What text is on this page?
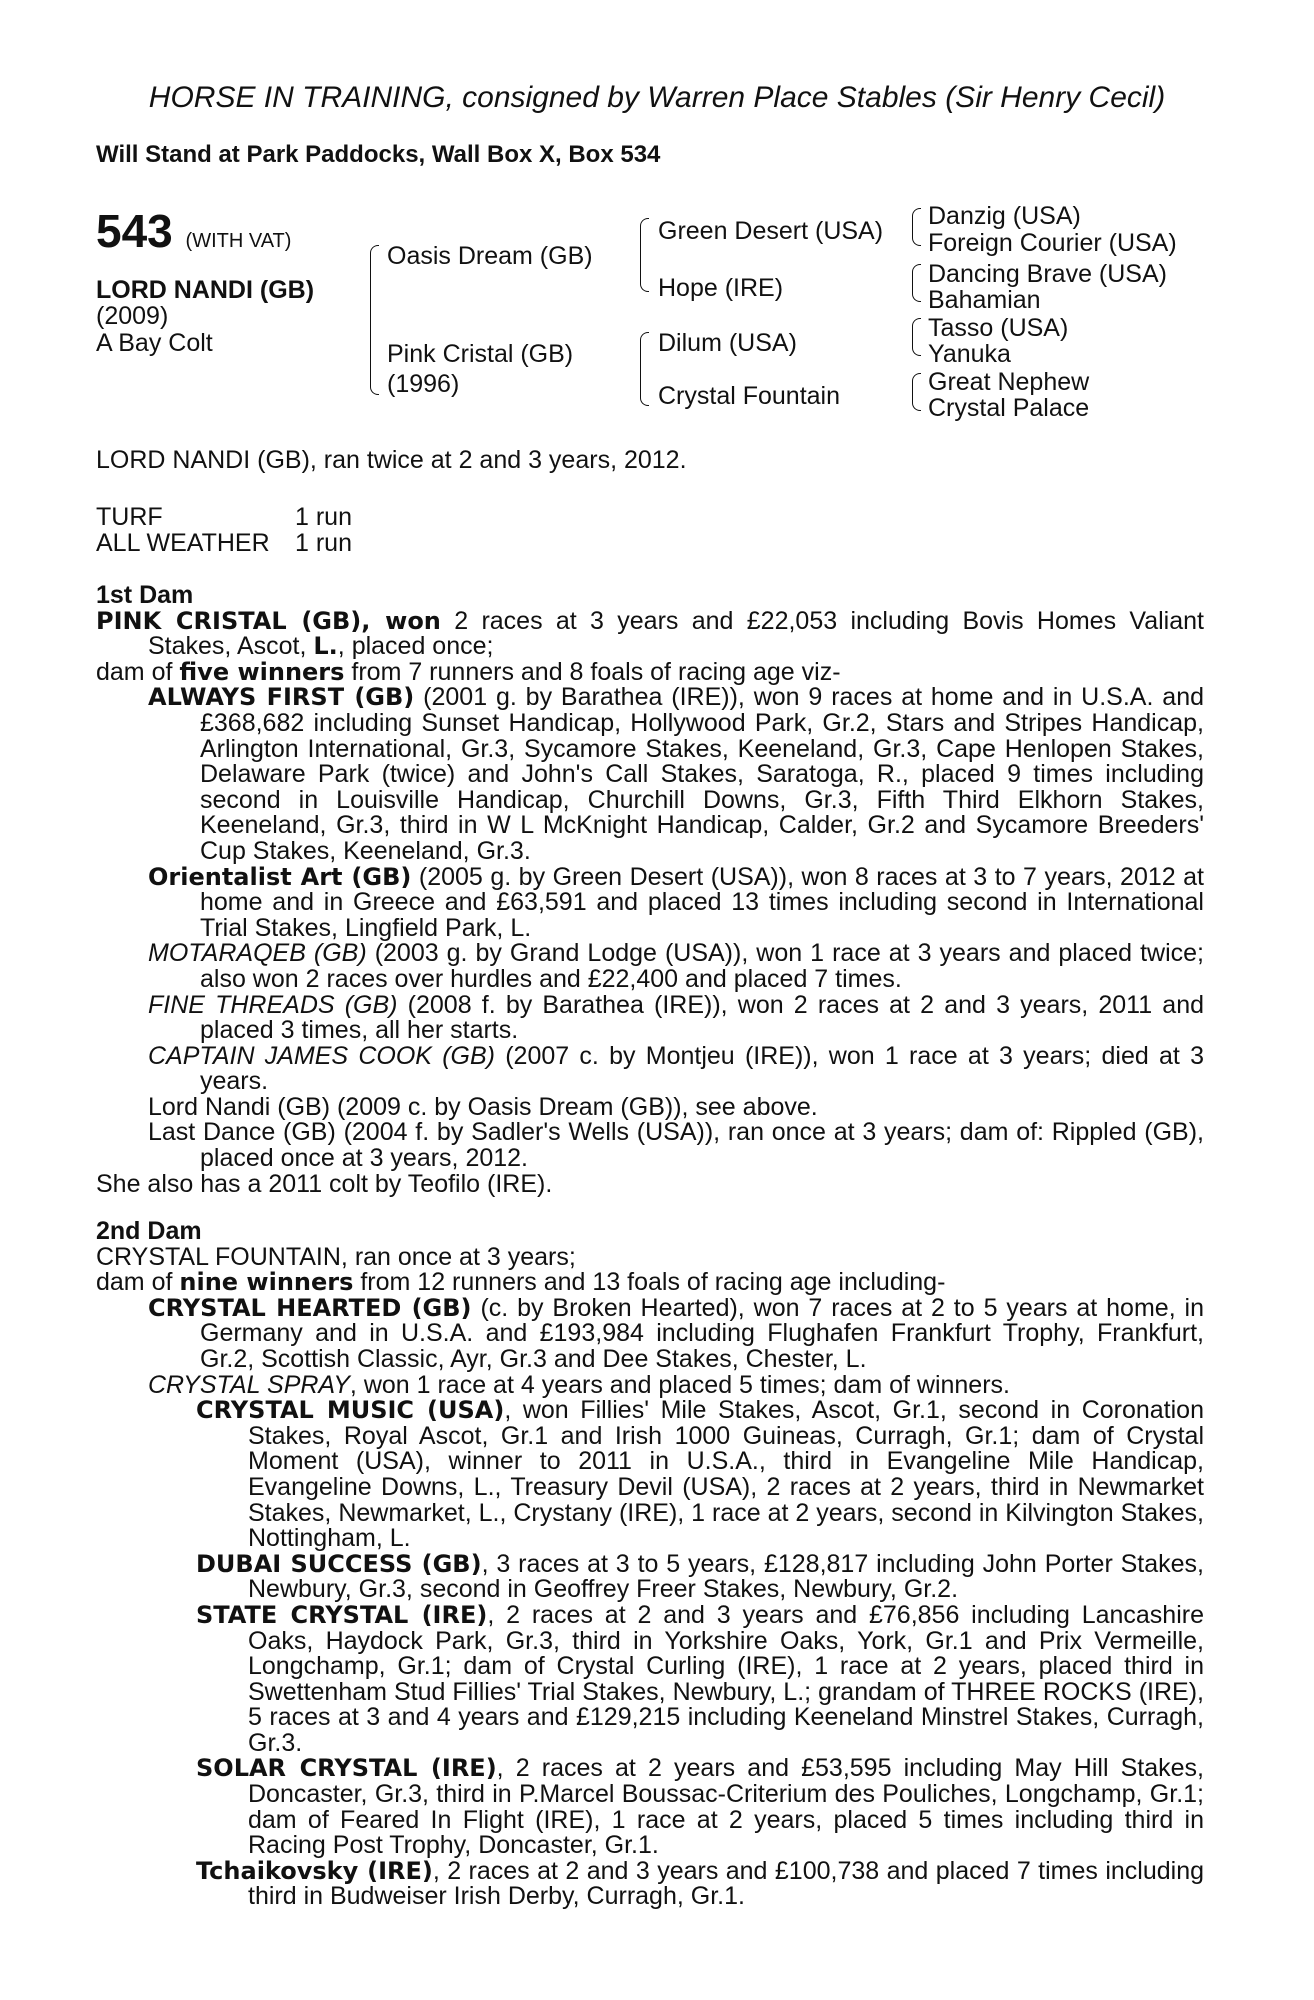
HORSE IN TRAINING, consigned by Warren Place Stables (Sir Henry Cecil)
Will Stand at Park Paddocks, Wall Box X, Box 534
543 (WITH VAT)
LORD NANDI (GB)
(2009)
A Bay Colt
Oasis Dream (GB)
Pink Cristal (GB)
(1996)
Green Desert (USA)
Hope (IRE)
Dilum (USA)
Crystal Fountain
Danzig (USA)
Foreign Courier (USA)
Dancing Brave (USA)
Bahamian
Tasso (USA)
Yanuka
Great Nephew
Crystal Palace
LORD NANDI (GB), ran twice at 2 and 3 years, 2012.
TURF	1 run
ALL WEATHER 1 run

1st Dam

PINK CRISTAL (GB), won 2 races at 3 years and £22,053 including Bovis Homes Valiant Stakes, Ascot, L., placed once;

dam of five winners from 7 runners and 8 foals of racing age viz-

ALWAYS FIRST (GB) (2001 g. by Barathea (IRE)), won 9 races at home and in U.S.A. and £368,682 including Sunset Handicap, Hollywood Park, Gr.2, Stars and Stripes Handicap, Arlington International, Gr.3, Sycamore Stakes, Keeneland, Gr.3, Cape Henlopen Stakes, Delaware Park (twice) and John's Call Stakes, Saratoga, R., placed 9 times including second in Louisville Handicap, Churchill Downs, Gr.3, Fifth Third Elkhorn Stakes, Keeneland, Gr.3, third in W L McKnight Handicap, Calder, Gr.2 and Sycamore Breeders' Cup Stakes, Keeneland, Gr.3.

Orientalist Art (GB) (2005 g. by Green Desert (USA)), won 8 races at 3 to 7 years, 2012 at home and in Greece and £63,591 and placed 13 times including second in International Trial Stakes, Lingfield Park, L.

MOTARAQEB (GB) (2003 g. by Grand Lodge (USA)), won 1 race at 3 years and placed twice; also won 2 races over hurdles and £22,400 and placed 7 times.

FINE THREADS (GB) (2008 f. by Barathea (IRE)), won 2 races at 2 and 3 years, 2011 and placed 3 times, all her starts.

CAPTAIN JAMES COOK (GB) (2007 c. by Montjeu (IRE)), won 1 race at 3 years; died at 3 years.

Lord Nandi (GB) (2009 c. by Oasis Dream (GB)), see above.

Last Dance (GB) (2004 f. by Sadler's Wells (USA)), ran once at 3 years; dam of: Rippled (GB), placed once at 3 years, 2012.

She also has a 2011 colt by Teofilo (IRE).

2nd Dam

CRYSTAL FOUNTAIN, ran once at 3 years;

dam of nine winners from 12 runners and 13 foals of racing age including-

CRYSTAL HEARTED (GB) (c. by Broken Hearted), won 7 races at 2 to 5 years at home, in Germany and in U.S.A. and £193,984 including Flughafen Frankfurt Trophy, Frankfurt, Gr.2, Scottish Classic, Ayr, Gr.3 and Dee Stakes, Chester, L.

CRYSTAL SPRAY, won 1 race at 4 years and placed 5 times; dam of winners.

CRYSTAL MUSIC (USA), won Fillies' Mile Stakes, Ascot, Gr.1, second in Coronation Stakes, Royal Ascot, Gr.1 and Irish 1000 Guineas, Curragh, Gr.1; dam of Crystal Moment (USA), winner to 2011 in U.S.A., third in Evangeline Mile Handicap, Evangeline Downs, L., Treasury Devil (USA), 2 races at 2 years, third in Newmarket Stakes, Newmarket, L., Crystany (IRE), 1 race at 2 years, second in Kilvington Stakes, Nottingham, L.

DUBAI SUCCESS (GB), 3 races at 3 to 5 years, £128,817 including John Porter Stakes, Newbury, Gr.3, second in Geoffrey Freer Stakes, Newbury, Gr.2.

STATE CRYSTAL (IRE), 2 races at 2 and 3 years and £76,856 including Lancashire Oaks, Haydock Park, Gr.3, third in Yorkshire Oaks, York, Gr.1 and Prix Vermeille, Longchamp, Gr.1; dam of Crystal Curling (IRE), 1 race at 2 years, placed third in Swettenham Stud Fillies' Trial Stakes, Newbury, L.; grandam of THREE ROCKS (IRE), 5 races at 3 and 4 years and £129,215 including Keeneland Minstrel Stakes, Curragh, Gr.3.

SOLAR CRYSTAL (IRE), 2 races at 2 years and £53,595 including May Hill Stakes, Doncaster, Gr.3, third in P.Marcel Boussac-Criterium des Pouliches, Longchamp, Gr.1; dam of Feared In Flight (IRE), 1 race at 2 years, placed 5 times including third in Racing Post Trophy, Doncaster, Gr.1.

Tchaikovsky (IRE), 2 races at 2 and 3 years and £100,738 and placed 7 times including third in Budweiser Irish Derby, Curragh, Gr.1.
